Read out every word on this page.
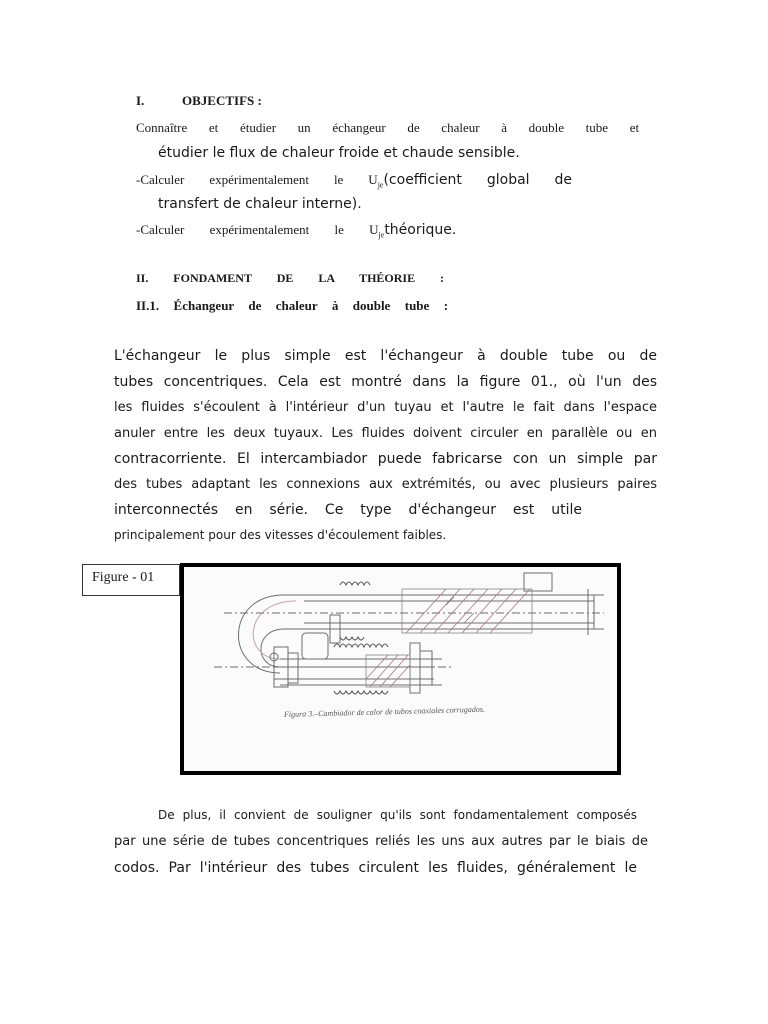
I.	OBJECTIFS :
Connaître et étudier un échangeur de chaleur à double tube et
étudier le flux de chaleur froide et chaude sensible.
-Calculer expérimentalement le $U_{je}(coefficient$ global de
transfert de chaleur interne).
-Calculer expérimentalement le $U_{je}théorique$.
II. FONDAMENT DE LA THÉORIE :
II.1. Échangeur de chaleur à double tube :
L'échangeur le plus simple est l'échangeur à double tube ou de
tubes concentriques. Cela est montré dans la figure 01., où l'un des
les fluides s'écoulent à l'intérieur d'un tuyau et l'autre le fait dans l'espace
anuler entre les deux tuyaux. Les fluides doivent circuler en parallèle ou en
contracorriente. El intercambiador puede fabricarse con un simple par
des tubes adaptant les connexions aux extrémités, ou avec plusieurs paires
interconnectés en série. Ce type d'échangeur est utile
principalement pour des vitesses d'écoulement faibles.
Figure - 01
Figura 3.–Cambiador de calor de tubos coaxiales corrugados.
De plus, il convient de souligner qu'ils sont fondamentalement composés
par une série de tubes concentriques reliés les uns aux autres par le biais de
codos. Par l'intérieur des tubes circulent les fluides, généralement le
